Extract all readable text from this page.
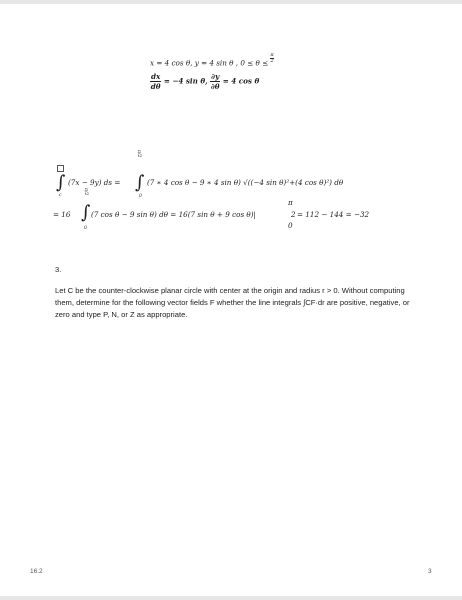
x = 4 cos θ, y = 4 sin θ , $0 \le \theta \le \frac{\pi}{2}$
$\frac{dx}{d\theta} = -4$ sin θ, $\frac{\partial y}{\partial\theta} = 4$ cos θ
∫
c
(7x − 9y) ds =
π/2
∫
0
(7 ∗ 4 cos θ − 9 ∗ 4 sin θ) √((−4 sin θ)²+(4 cos θ)²) dθ
= 16
π/2
∫
0
(7 cos θ − 9 sin θ) dθ = 16(7 sin θ + 9 cos θ)|
π
2
0
= 112 − 144 = −32
3.
Let C be the counter-clockwise planar circle with center at the origin and radius r > 0. Without computing them, determine for the following vector fields F whether the line integrals ∫CF·dr are positive, negative, or zero and type P, N, or Z as appropriate.
16.2	3
